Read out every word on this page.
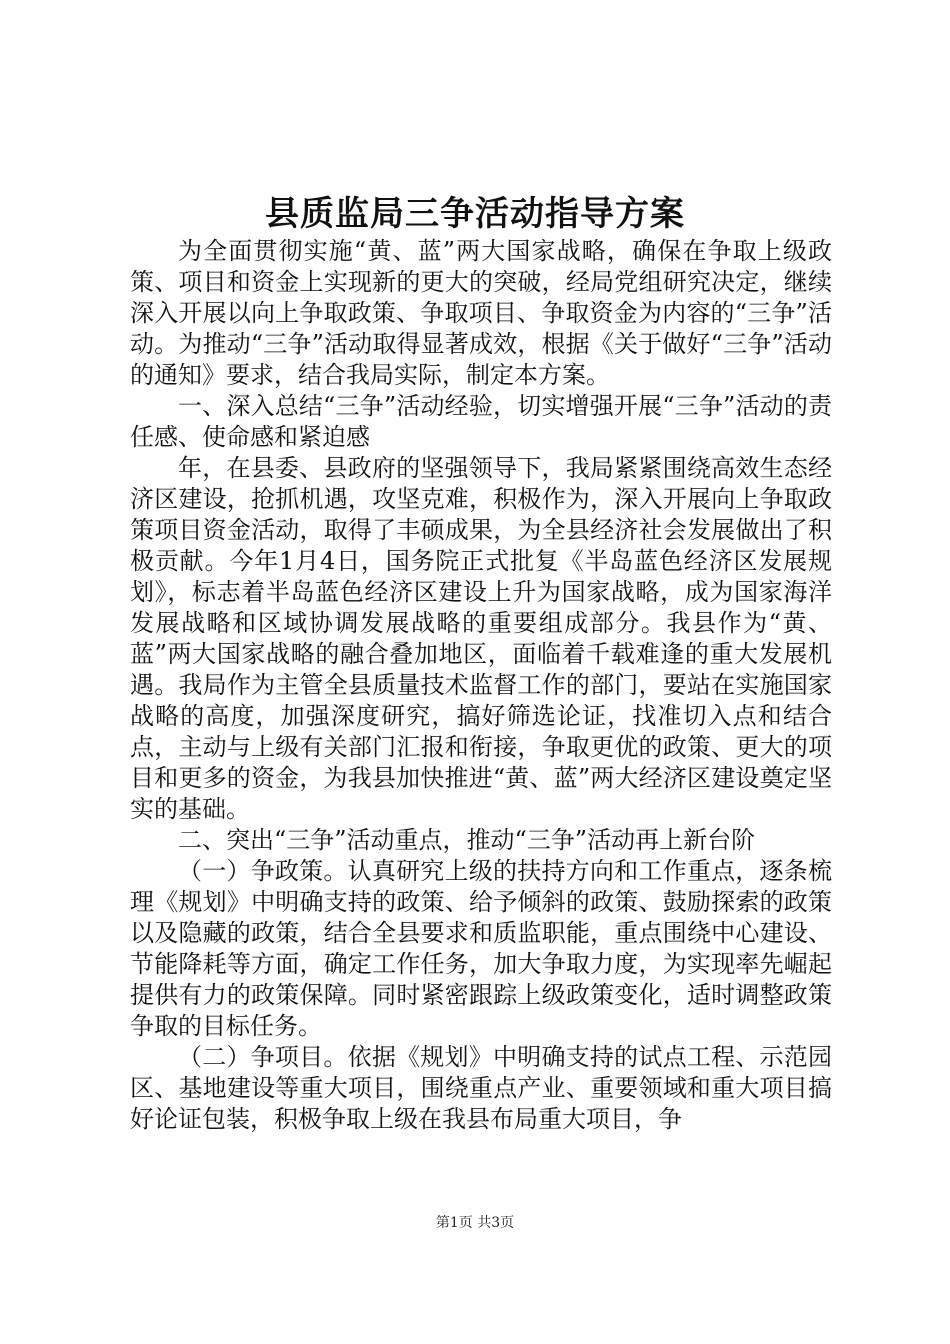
县质监局三争活动指导方案

为全面贯彻实施“黄、蓝”两大国家战略，确保在争取上级政策、项目和资金上实现新的更大的突破，经局党组研究决定，继续深入开展以向上争取政策、争取项目、争取资金为内容的“三争”活动。为推动“三争”活动取得显著成效，根据《关于做好“三争”活动的通知》要求，结合我局实际，制定本方案。

一、深入总结“三争”活动经验，切实增强开展“三争”活动的责任感、使命感和紧迫感

年，在县委、县政府的坚强领导下，我局紧紧围绕高效生态经济区建设，抢抓机遇，攻坚克难，积极作为，深入开展向上争取政策项目资金活动，取得了丰硕成果，为全县经济社会发展做出了积极贡献。今年1月4日，国务院正式批复《半岛蓝色经济区发展规划》，标志着半岛蓝色经济区建设上升为国家战略，成为国家海洋发展战略和区域协调发展战略的重要组成部分。我县作为“黄、蓝”两大国家战略的融合叠加地区，面临着千载难逢的重大发展机遇。我局作为主管全县质量技术监督工作的部门，要站在实施国家战略的高度，加强深度研究，搞好筛选论证，找准切入点和结合点，主动与上级有关部门汇报和衔接，争取更优的政策、更大的项目和更多的资金，为我县加快推进“黄、蓝”两大经济区建设奠定坚实的基础。

二、突出“三争”活动重点，推动“三争”活动再上新台阶

（一）争政策。认真研究上级的扶持方向和工作重点，逐条梳理《规划》中明确支持的政策、给予倾斜的政策、鼓励探索的政策以及隐藏的政策，结合全县要求和质监职能，重点围绕中心建设、节能降耗等方面，确定工作任务，加大争取力度，为实现率先崛起提供有力的政策保障。同时紧密跟踪上级政策变化，适时调整政策争取的目标任务。

（二）争项目。依据《规划》中明确支持的试点工程、示范园区、基地建设等重大项目，围绕重点产业、重要领域和重大项目搞好论证包装，积极争取上级在我县布局重大项目，争

第1页 共3页
